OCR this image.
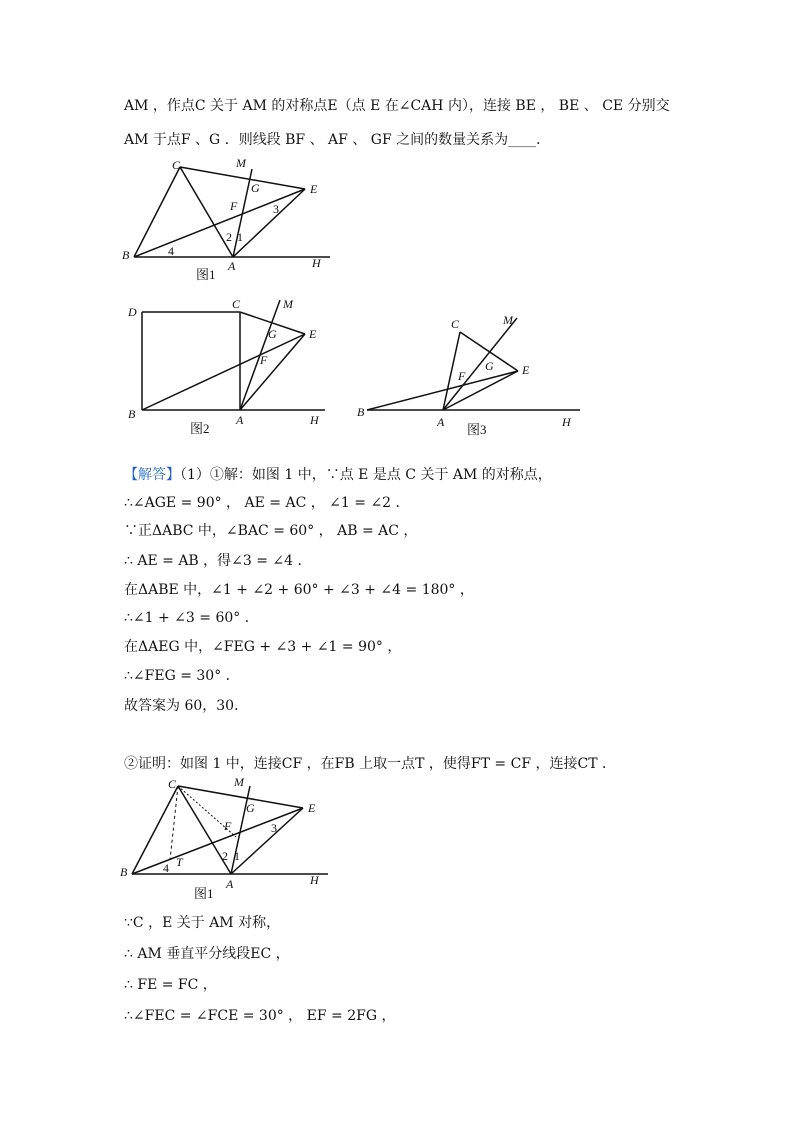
AM ，作点C 关于 AM 的对称点E（点 E 在∠CAH 内），连接 BE ， BE 、 CE 分别交
AM 于点F 、G ．则线段 BF 、 AF 、 GF 之间的数量关系为____．
B
C	M
G	E
F
A	H
2 1
3
4
图1
D
C	M
G	E
F
B	A	H
图2
C	M
G E
F
B
A	H
图3
【解答】（1）①解：如图 1 中，∵点 E 是点 C 关于 AM 的对称点，
∴∠AGE = 90° ， AE = AC ， ∠1 = ∠2 ．
∵正ΔABC 中，∠BAC = 60° ， AB = AC ，
∴ AE = AB ，得∠3 = ∠4 ．
在ΔABE 中，∠1 + ∠2 + 60° + ∠3 + ∠4 = 180° ，
∴∠1 + ∠3 = 60° ．
在ΔAEG 中，∠FEG + ∠3 + ∠1 = 90° ，
∴∠FEG = 30° ．
故答案为 60，30．
②证明：如图 1 中，连接CF ，在FB 上取一点T ，使得FT = CF ，连接CT ．
B
C	M
G	E
F
T
A	H
2 1
3
4
图1
∵C ，E 关于 AM 对称，
∴ AM 垂直平分线段EC ，
∴ FE = FC ，
∴∠FEC = ∠FCE = 30° ， EF = 2FG ，
